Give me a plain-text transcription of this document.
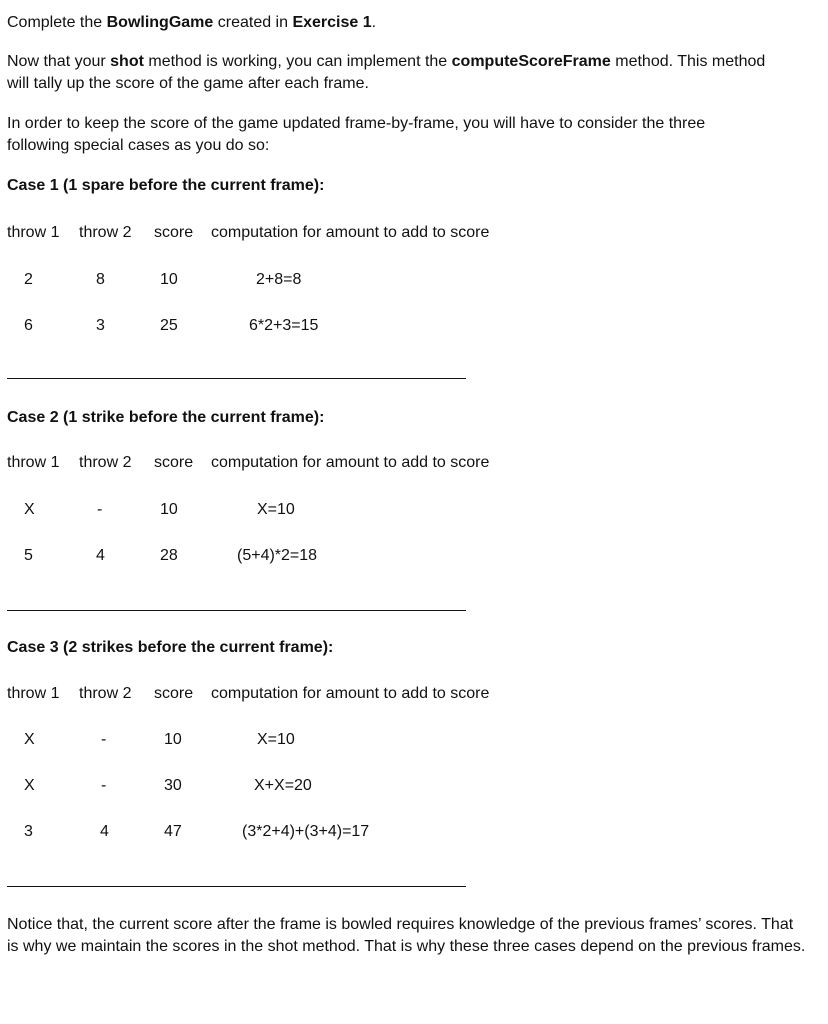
Complete the BowlingGame created in Exercise 1.
Now that your shot method is working, you can implement the computeScoreFrame method. This method will tally up the score of the game after each frame.
In order to keep the score of the game updated frame-by-frame, you will have to consider the three following special cases as you do so:
Case 1 (1 spare before the current frame):
throw 1 throw 2 score computation for amount to add to score
2	8	10	2+8=8
6	3	25	6*2+3=15
Case 2 (1 strike before the current frame):
throw 1 throw 2 score computation for amount to add to score
X	-	10	X=10
5	4	28	(5+4)*2=18
Case 3 (2 strikes before the current frame):
throw 1 throw 2 score computation for amount to add to score
X	-	10	X=10
X	-	30	X+X=20
3	4	47	(3*2+4)+(3+4)=17
Notice that, the current score after the frame is bowled requires knowledge of the previous frames’ scores. That is why we maintain the scores in the shot method. That is why these three cases depend on the previous frames.
